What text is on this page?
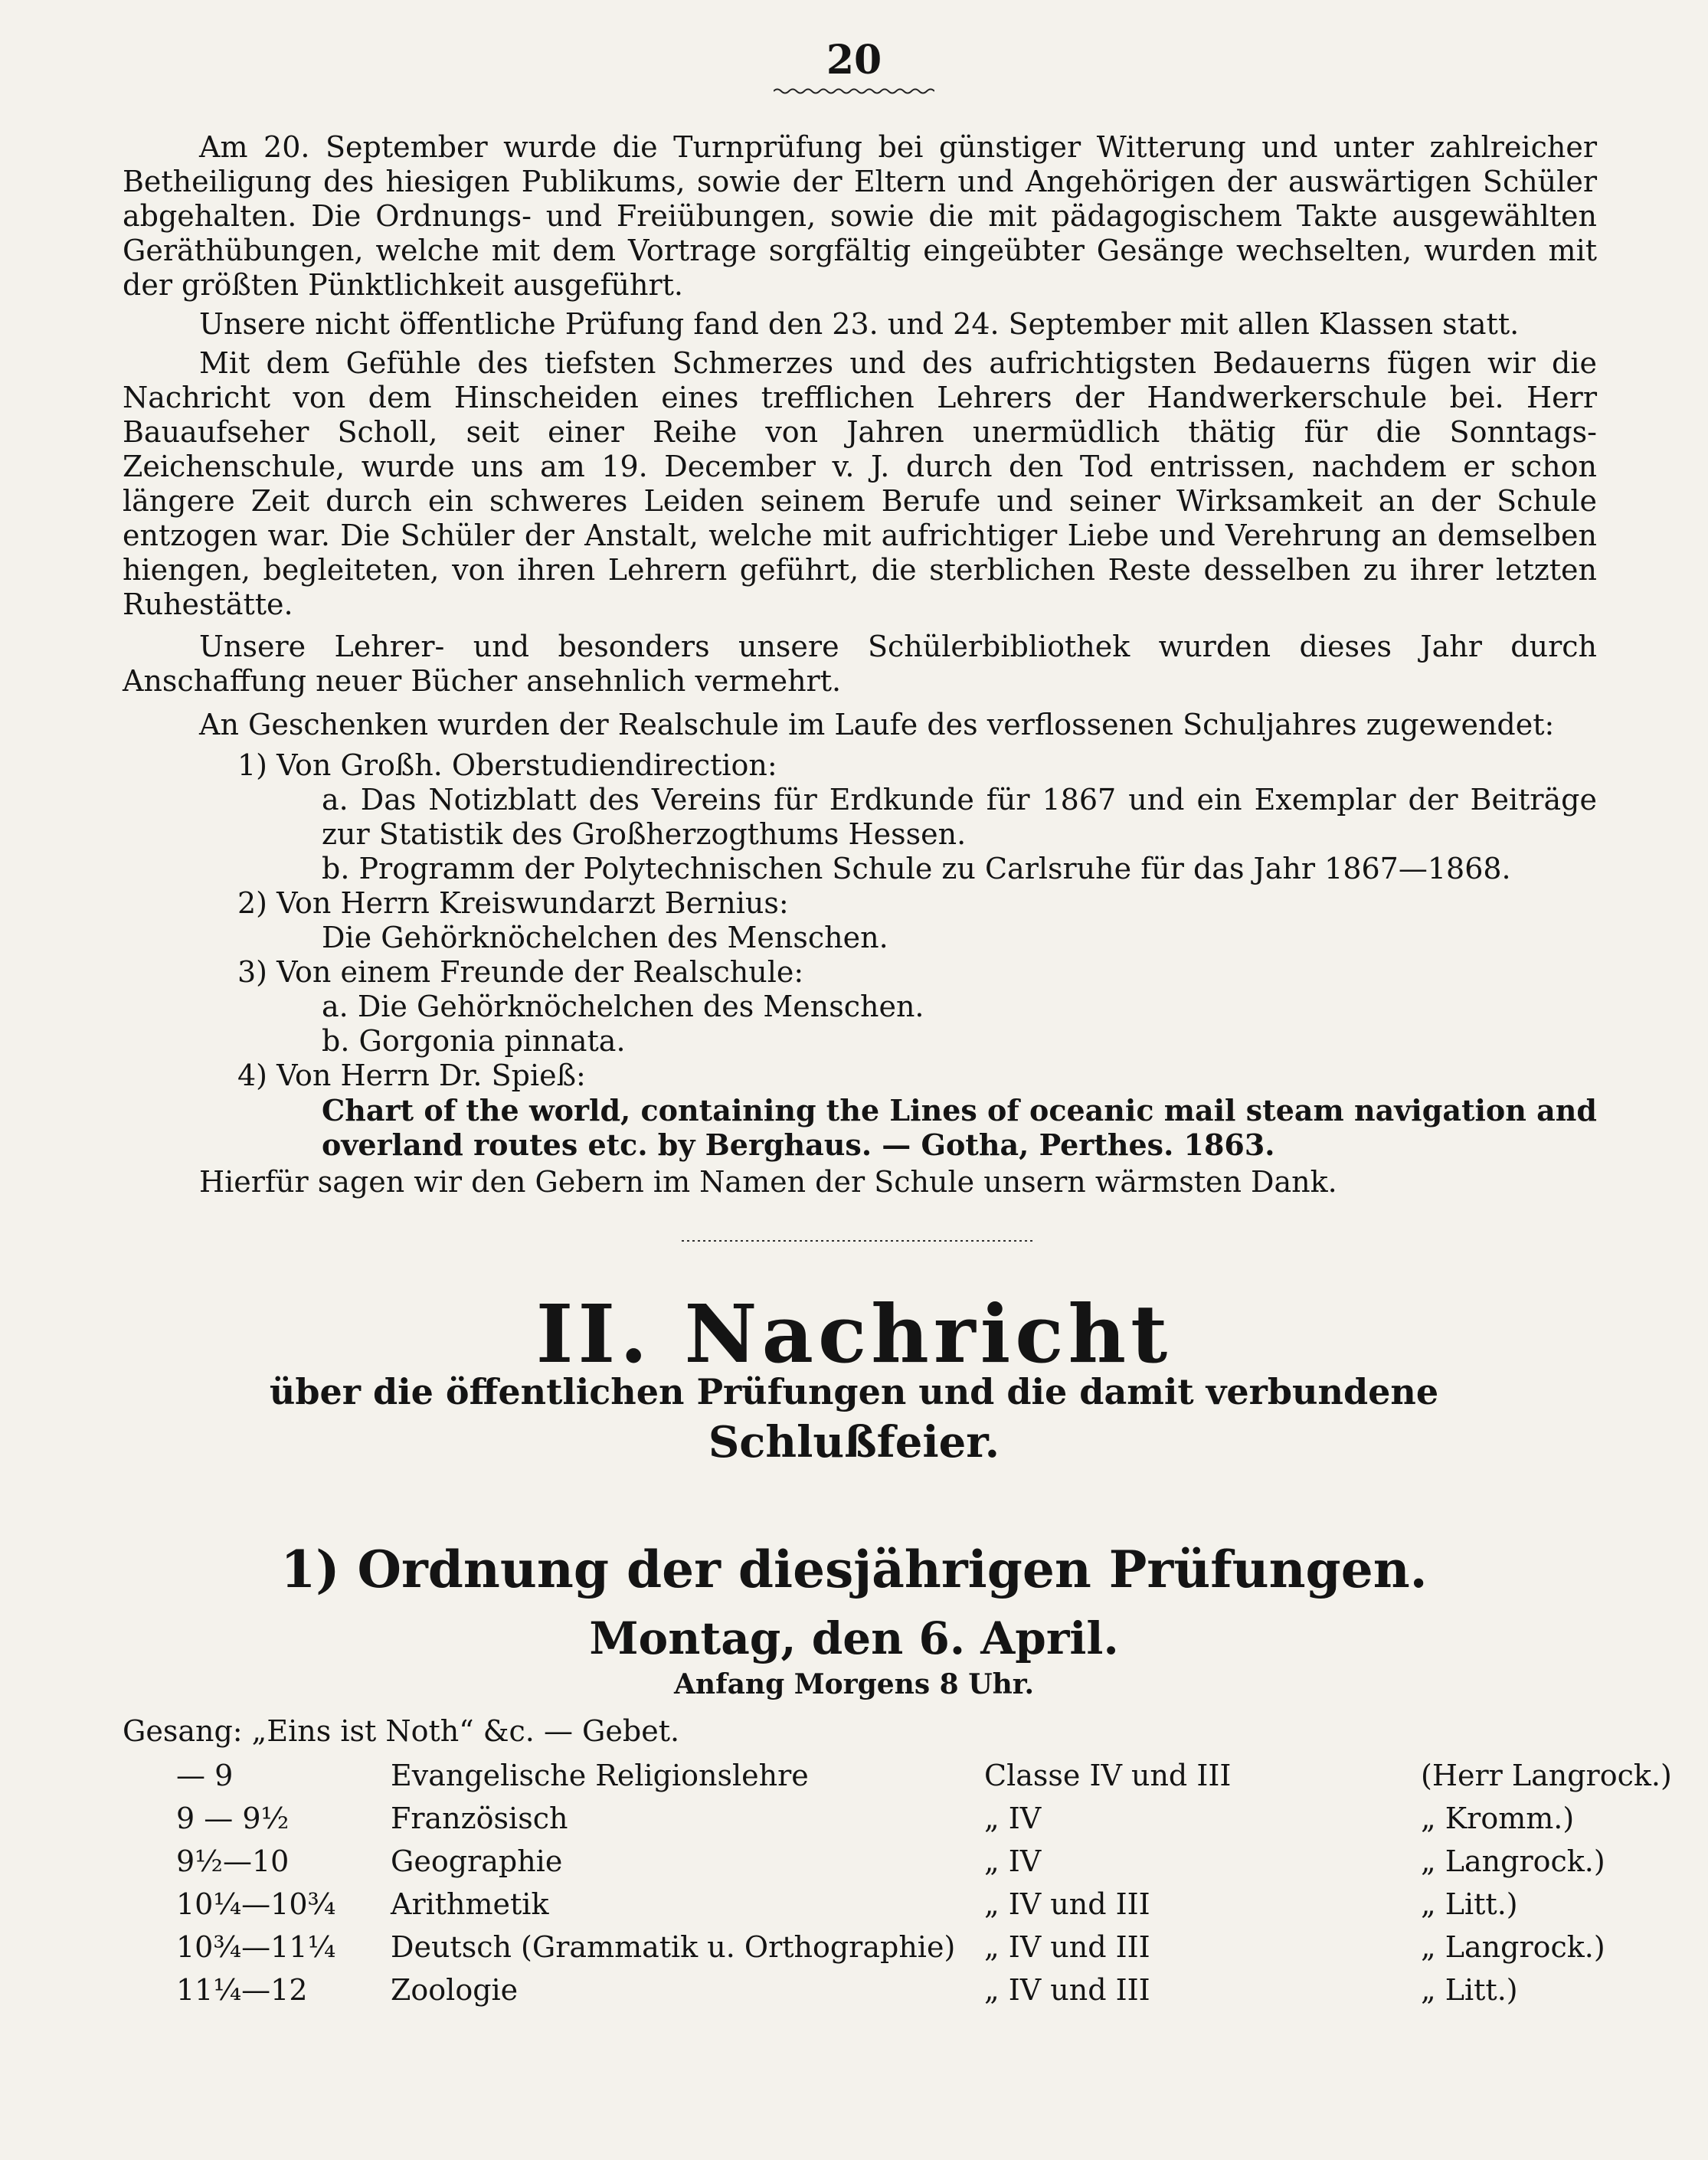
20

Am 20. September wurde die Turnprüfung bei günstiger Witterung und unter zahlreicher Betheiligung des hiesigen Publikums, sowie der Eltern und Angehörigen der auswärtigen Schüler abgehalten. Die Ordnungs- und Freiübungen, sowie die mit pädagogischem Takte ausgewählten Geräthübungen, welche mit dem Vortrage sorgfältig eingeübter Gesänge wechselten, wurden mit der größten Pünktlichkeit ausgeführt.

Unsere nicht öffentliche Prüfung fand den 23. und 24. September mit allen Klassen statt.

Mit dem Gefühle des tiefsten Schmerzes und des aufrichtigsten Bedauerns fügen wir die Nachricht von dem Hinscheiden eines trefflichen Lehrers der Handwerkerschule bei. Herr Bauaufseher Scholl, seit einer Reihe von Jahren unermüdlich thätig für die Sonntags-Zeichenschule, wurde uns am 19. December v. J. durch den Tod entrissen, nachdem er schon längere Zeit durch ein schweres Leiden seinem Berufe und seiner Wirksamkeit an der Schule entzogen war. Die Schüler der Anstalt, welche mit aufrichtiger Liebe und Verehrung an demselben hiengen, begleiteten, von ihren Lehrern geführt, die sterblichen Reste desselben zu ihrer letzten Ruhestätte.

Unsere Lehrer- und besonders unsere Schülerbibliothek wurden dieses Jahr durch Anschaffung neuer Bücher ansehnlich vermehrt.

An Geschenken wurden der Realschule im Laufe des verflossenen Schuljahres zugewendet:

1) Von Großh. Oberstudiendirection:

a. Das Notizblatt des Vereins für Erdkunde für 1867 und ein Exemplar der Beiträge zur Statistik des Großherzogthums Hessen.

b. Programm der Polytechnischen Schule zu Carlsruhe für das Jahr 1867—1868.

2) Von Herrn Kreiswundarzt Bernius:

Die Gehörknöchelchen des Menschen.

3) Von einem Freunde der Realschule:

a. Die Gehörknöchelchen des Menschen.

b. Gorgonia pinnata.

4) Von Herrn Dr. Spieß:

Chart of the world, containing the Lines of oceanic mail steam navigation and overland routes etc. by Berghaus. — Gotha, Perthes. 1863.

Hierfür sagen wir den Gebern im Namen der Schule unsern wärmsten Dank.

II. Nachricht
über die öffentlichen Prüfungen und die damit verbundene
Schlußfeier.
1) Ordnung der diesjährigen Prüfungen.
Montag, den 6. April.
Anfang Morgens 8 Uhr.
Gesang: „Eins ist Noth“ &c. — Gebet.
— 9	Evangelische Religionslehre	Classe IV und III	(Herr Langrock.)
9 — 9½	Französisch	„ IV	„ Kromm.)
9½—10	Geographie	„ IV	„ Langrock.)
10¼—10¾	Arithmetik	„ IV und III	„ Litt.)
10¾—11¼	Deutsch (Grammatik u. Orthographie)	„ IV und III	„ Langrock.)
11¼—12	Zoologie	„ IV und III	„ Litt.)
